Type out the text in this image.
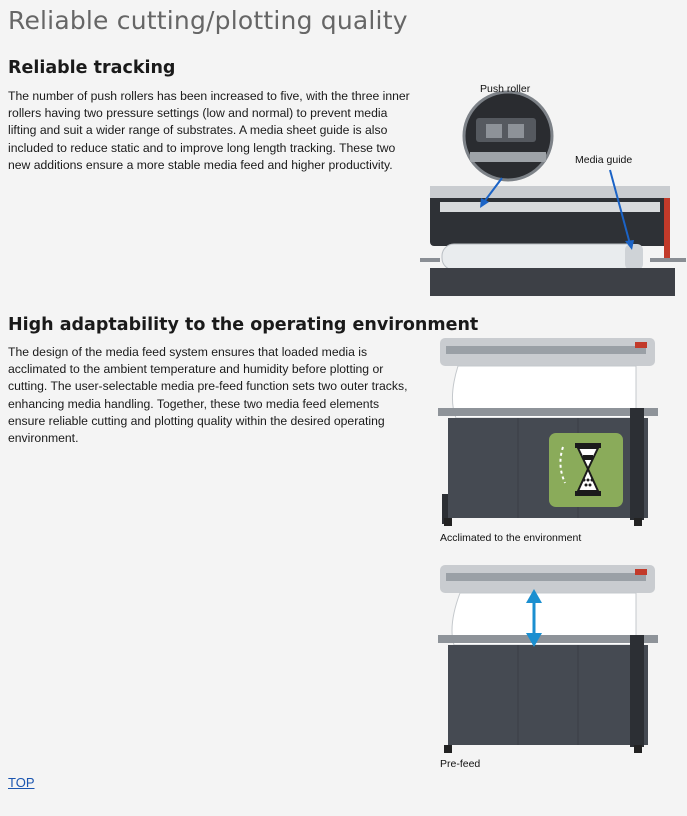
Reliable cutting/plotting quality
Reliable tracking

The number of push rollers has been increased to five, with the three inner rollers having two pressure settings (low and normal) to prevent media lifting and suit a wider range of substrates. A media sheet guide is also included to reduce static and to improve long length tracking. These two new additions ensure a more stable media feed and higher productivity.

Push roller
Media guide
High adaptability to the operating environment

The design of the media feed system ensures that loaded media is acclimated to the ambient temperature and humidity before plotting or cutting. The user-selectable media pre-feed function sets two outer tracks, enhancing media handling. Together, these two media feed elements ensure reliable cutting and plotting quality within the desired operating environment.

Acclimated to the environment
Pre-feed
TOP
